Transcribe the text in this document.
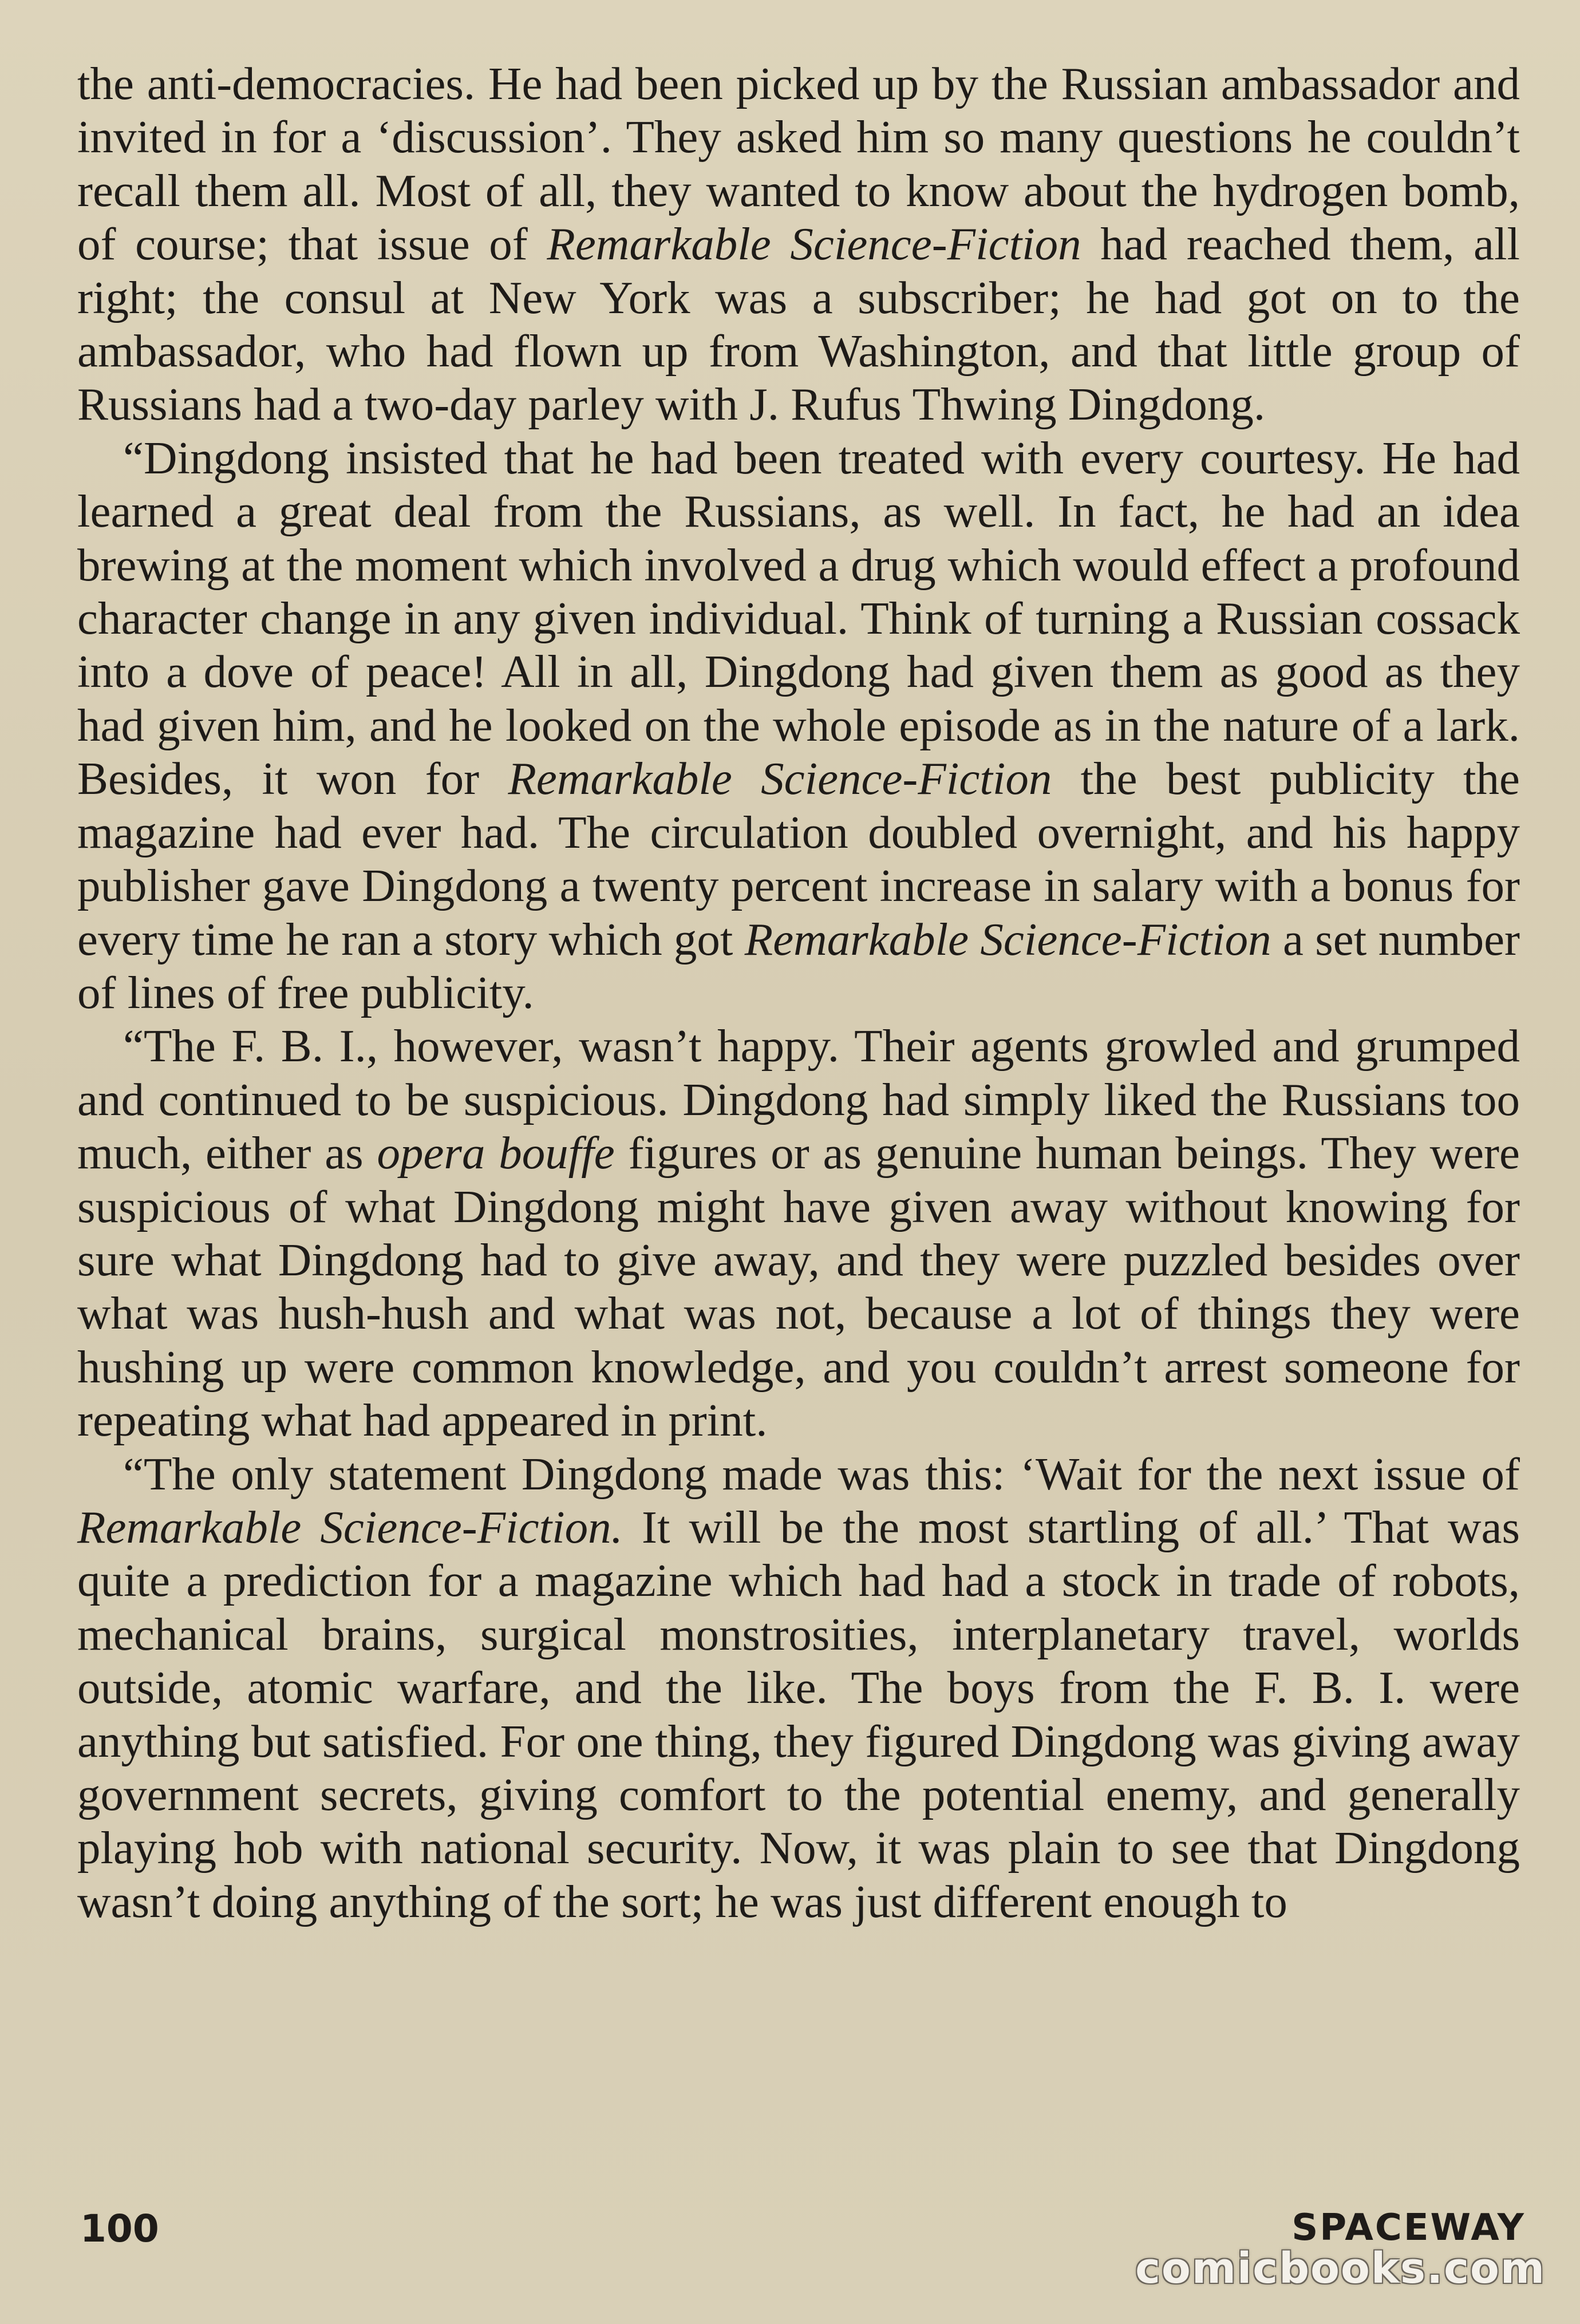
the anti-democracies. He had been picked up by the Russian ambassador and invited in for a ‘discussion’. They asked him so many questions he couldn’t recall them all. Most of all, they wanted to know about the hydrogen bomb, of course; that issue of Remarkable Science-Fiction had reached them, all right; the consul at New York was a subscriber; he had got on to the ambassador, who had flown up from Washington, and that little group of Russians had a two-day parley with J. Rufus Thwing Dingdong.

“Dingdong insisted that he had been treated with every courtesy. He had learned a great deal from the Russians, as well. In fact, he had an idea brewing at the moment which involved a drug which would effect a profound character change in any given individual. Think of turning a Russian cossack into a dove of peace! All in all, Dingdong had given them as good as they had given him, and he looked on the whole episode as in the nature of a lark. Besides, it won for Remarkable Science-Fiction the best publicity the magazine had ever had. The circulation doubled overnight, and his happy publisher gave Dingdong a twenty percent increase in salary with a bonus for every time he ran a story which got Remarkable Science-Fiction a set number of lines of free publicity.

“The F. B. I., however, wasn’t happy. Their agents growled and grumped and continued to be suspicious. Dingdong had simply liked the Russians too much, either as opera bouffe figures or as genuine human beings. They were suspicious of what Dingdong might have given away without knowing for sure what Dingdong had to give away, and they were puzzled besides over what was hush-hush and what was not, because a lot of things they were hushing up were common knowledge, and you couldn’t arrest someone for repeating what had appeared in print.

“The only statement Dingdong made was this: ‘Wait for the next issue of Remarkable Science-Fiction. It will be the most startling of all.’ That was quite a prediction for a magazine which had had a stock in trade of robots, mechanical brains, surgical monstrosities, interplanetary travel, worlds outside, atomic warfare, and the like. The boys from the F. B. I. were anything but satisfied. For one thing, they figured Dingdong was giving away government secrets, giving comfort to the potential enemy, and generally playing hob with national security. Now, it was plain to see that Dingdong wasn’t doing anything of the sort; he was just different enough to

100	SPACEWAY
comicbooks.com
